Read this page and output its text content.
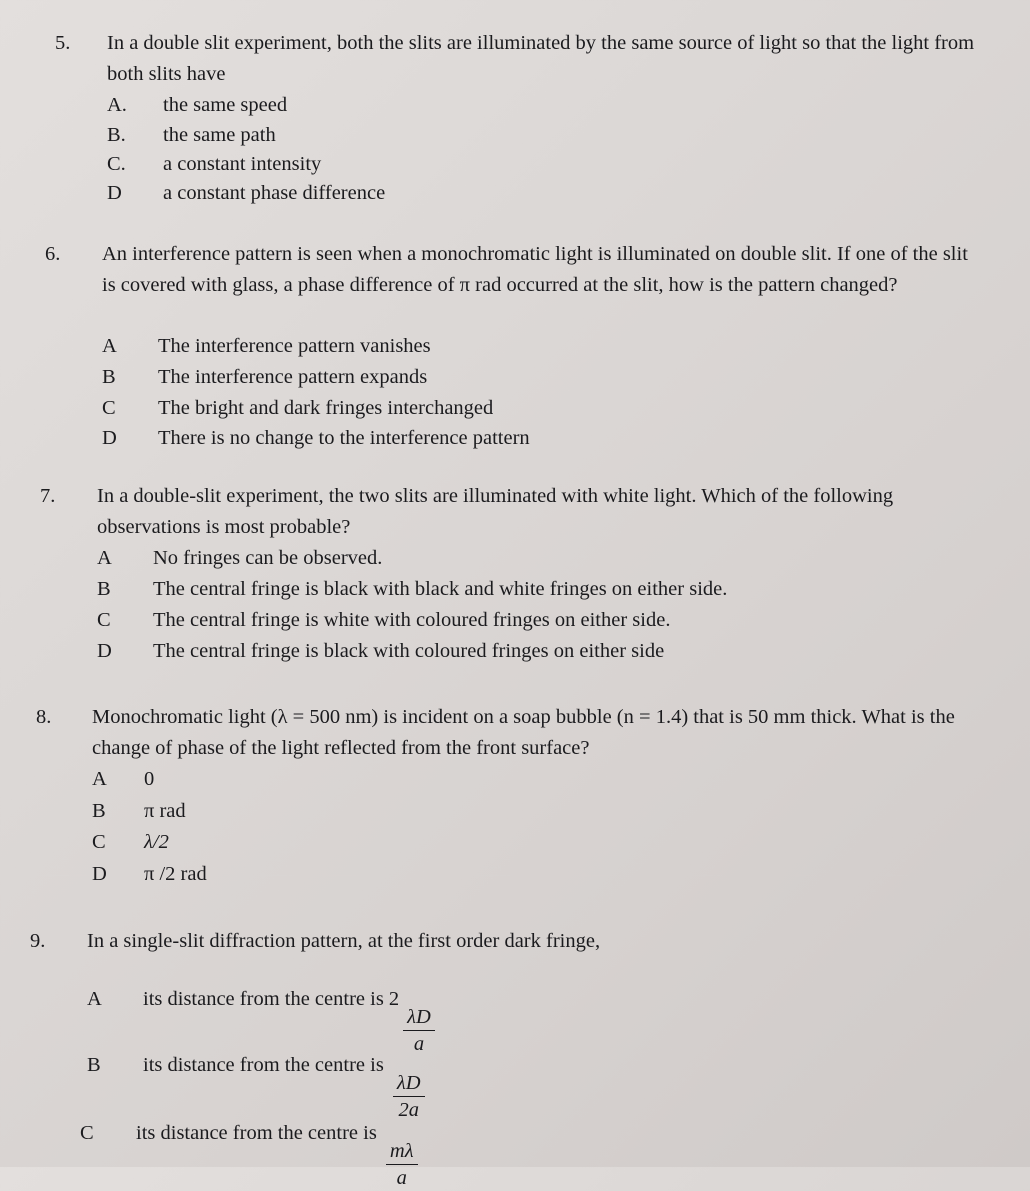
5.	In a double slit experiment, both the slits are illuminated by the same source of light so that the light from both slits have
A. the same speed
B. the same path
C. a constant intensity
D a constant phase difference
6.	An interference pattern is seen when a monochromatic light is illuminated on double slit. If one of the slit is covered with glass, a phase difference of π rad occurred at the slit, how is the pattern changed?
A The interference pattern vanishes
B The interference pattern expands
C The bright and dark fringes interchanged
D There is no change to the interference pattern
7.	In a double-slit experiment, the two slits are illuminated with white light. Which of the following observations is most probable?
A No fringes can be observed.
B The central fringe is black with black and white fringes on either side.
C The central fringe is white with coloured fringes on either side.
D The central fringe is black with coloured fringes on either side
8.	Monochromatic light (λ = 500 nm) is incident on a soap bubble (n = 1.4) that is 50 mm thick. What is the change of phase of the light reflected from the front surface?
A 0
B π rad
C λ/2
D π /2 rad
9.	In a single-slit diffraction pattern, at the first order dark fringe,
A its distance from the centre is 2
$\frac{\lambda D}{a}$
B its distance from the centre is
$\frac{\lambda D}{2a}$
C its distance from the centre is
$\frac{m\lambda}{a}$
